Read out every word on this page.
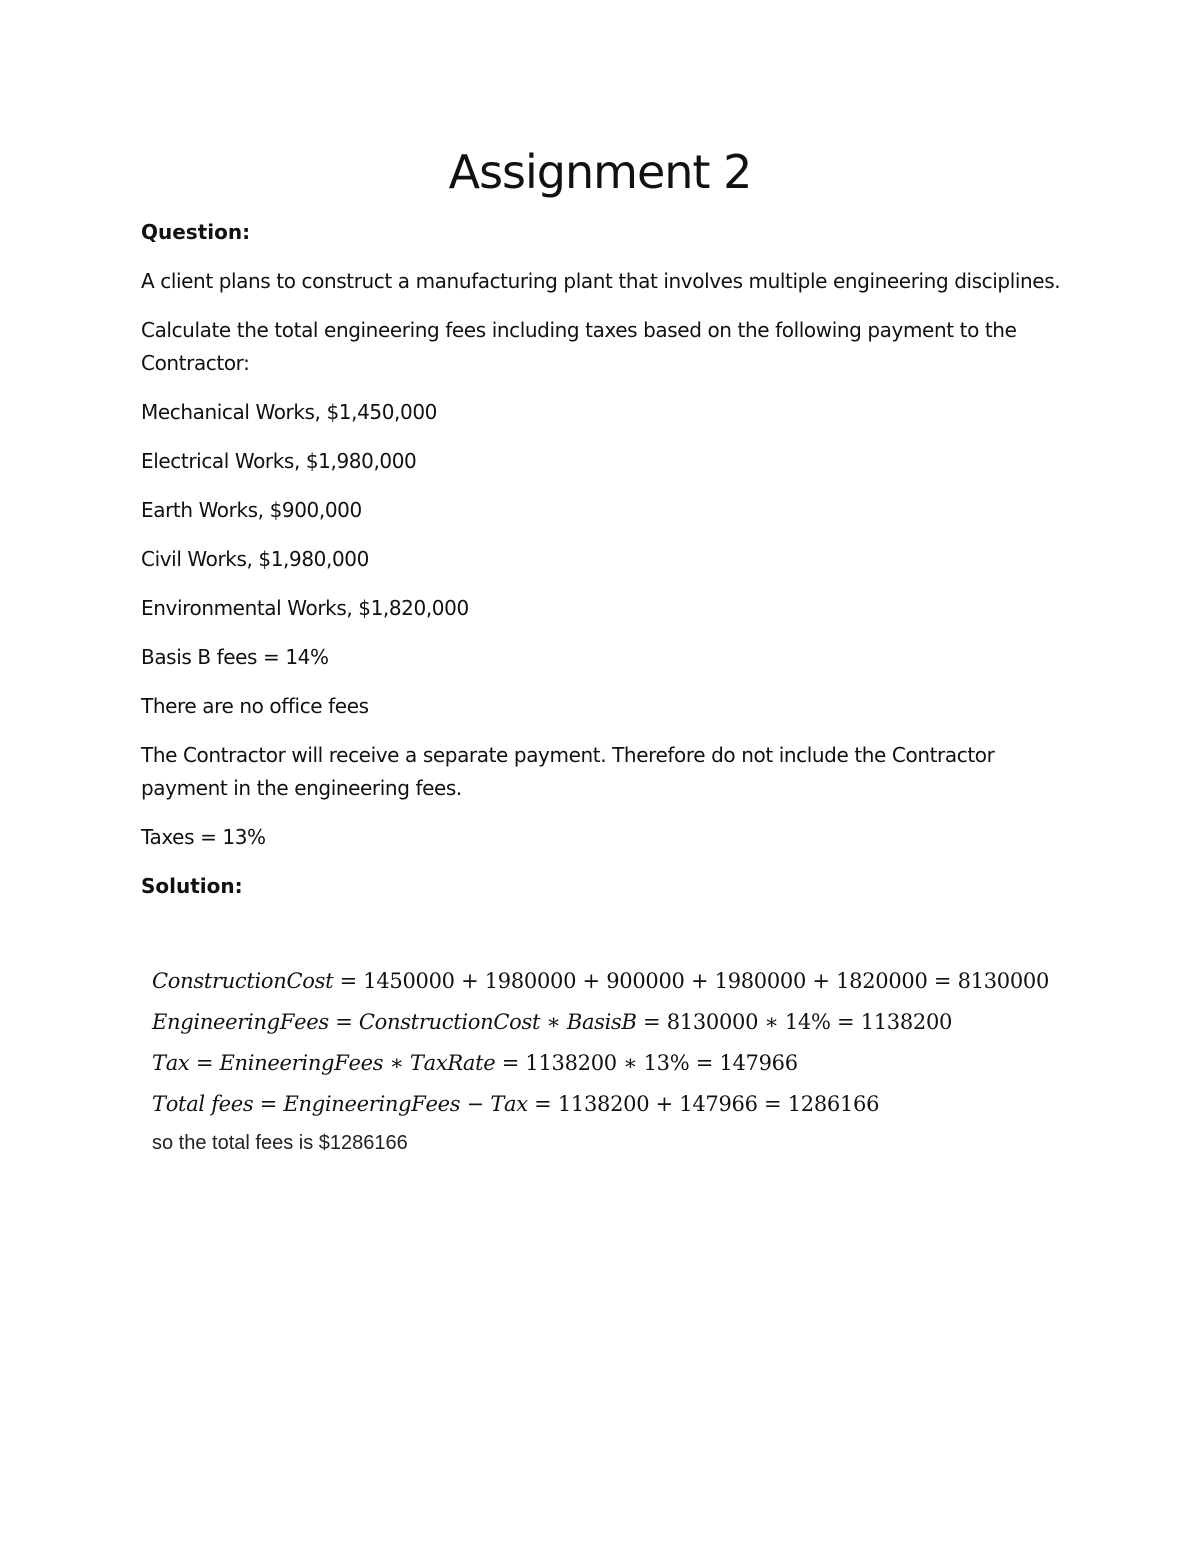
Assignment 2

Question:

A client plans to construct a manufacturing plant that involves multiple engineering disciplines.

Calculate the total engineering fees including taxes based on the following payment to the Contractor:

Mechanical Works, $1,450,000

Electrical Works, $1,980,000

Earth Works, $900,000

Civil Works, $1,980,000

Environmental Works, $1,820,000

Basis B fees = 14%

There are no office fees

The Contractor will receive a separate payment. Therefore do not include the Contractor payment in the engineering fees.

Taxes = 13%

Solution:

𝐶𝑜𝑛𝑠𝑡𝑟𝑢𝑐𝑡𝑖𝑜𝑛𝐶𝑜𝑠𝑡 = 1450000 + 1980000 + 900000 + 1980000 + 1820000 = 8130000
𝐸𝑛𝑔𝑖𝑛𝑒𝑒𝑟𝑖𝑛𝑔𝐹𝑒𝑒𝑠 = 𝐶𝑜𝑛𝑠𝑡𝑟𝑢𝑐𝑡𝑖𝑜𝑛𝐶𝑜𝑠𝑡 ∗ 𝐵𝑎𝑠𝑖𝑠𝐵 = 8130000 ∗ 14% = 1138200
𝑇𝑎𝑥 = 𝐸𝑛𝑖𝑛𝑒𝑒𝑟𝑖𝑛𝑔𝐹𝑒𝑒𝑠 ∗ 𝑇𝑎𝑥𝑅𝑎𝑡𝑒 = 1138200 ∗ 13% = 147966
𝑇𝑜𝑡𝑎𝑙 𝑓𝑒𝑒𝑠 = 𝐸𝑛𝑔𝑖𝑛𝑒𝑒𝑟𝑖𝑛𝑔𝐹𝑒𝑒𝑠 − 𝑇𝑎𝑥 = 1138200 + 147966 = 1286166
so the total fees is $1286166
